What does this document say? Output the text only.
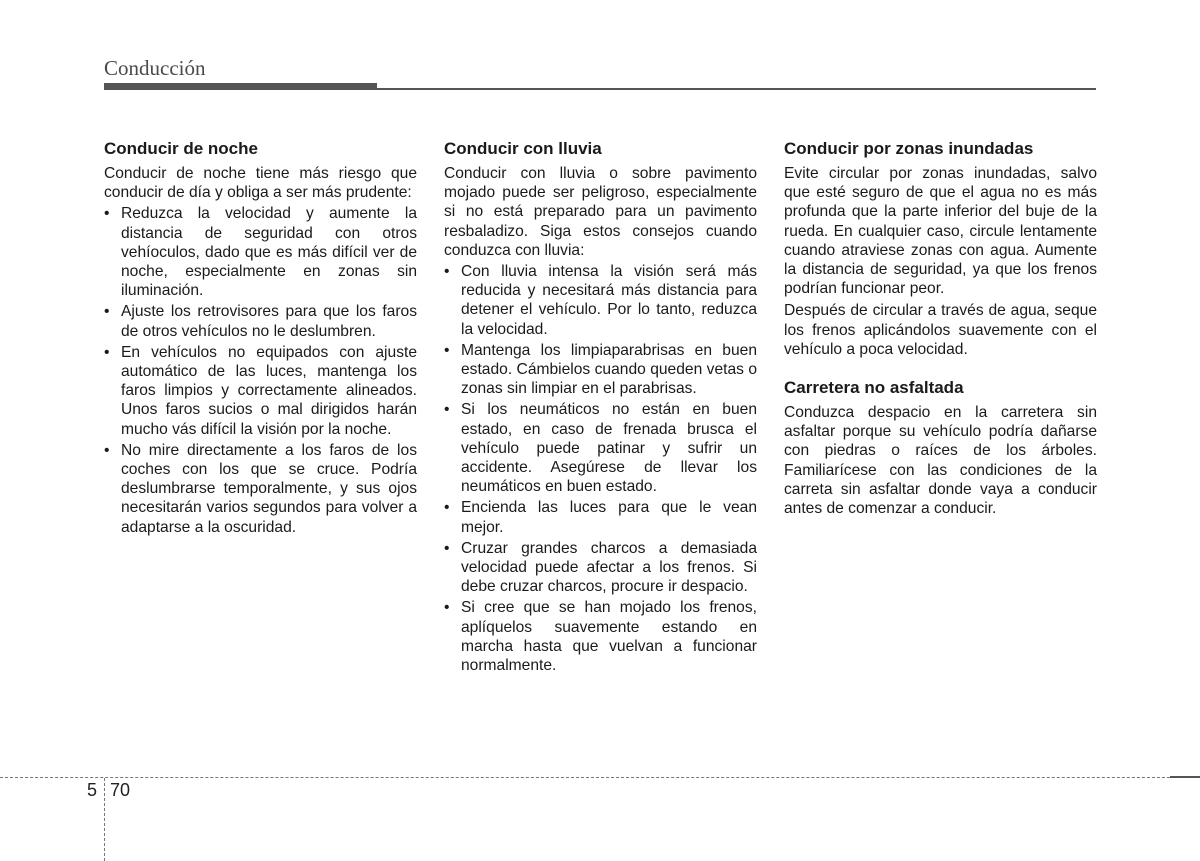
Conducción
Conducir de noche

Conducir de noche tiene más riesgo que conducir de día y obliga a ser más prudente:

• Reduzca la velocidad y aumente la distancia de seguridad con otros vehíoculos, dado que es más difícil ver de noche, especialmente en zonas sin iluminación.
• Ajuste los retrovisores para que los faros de otros vehículos no le deslumbren.
• En vehículos no equipados con ajuste automático de las luces, mantenga los faros limpios y correctamente alineados. Unos faros sucios o mal dirigidos harán mucho vás difícil la visión por la noche.
• No mire directamente a los faros de los coches con los que se cruce. Podría deslumbrarse temporalmente, y sus ojos necesitarán varios segundos para volver a adaptarse a la oscuridad.
Conducir con lluvia

Conducir con lluvia o sobre pavimento mojado puede ser peligroso, especialmente si no está preparado para un pavimento resbaladizo. Siga estos consejos cuando conduzca con lluvia:

• Con lluvia intensa la visión será más reducida y necesitará más distancia para detener el vehículo. Por lo tanto, reduzca la velocidad.
• Mantenga los limpiaparabrisas en buen estado. Cámbielos cuando queden vetas o zonas sin limpiar en el parabrisas.
• Si los neumáticos no están en buen estado, en caso de frenada brusca el vehículo puede patinar y sufrir un accidente. Asegúrese de llevar los neumáticos en buen estado.
• Encienda las luces para que le vean mejor.
• Cruzar grandes charcos a demasiada velocidad puede afectar a los frenos. Si debe cruzar charcos, procure ir despacio.
• Si cree que se han mojado los frenos, aplíquelos suavemente estando en marcha hasta que vuelvan a funcionar normalmente.
Conducir por zonas inundadas

Evite circular por zonas inundadas, salvo que esté seguro de que el agua no es más profunda que la parte inferior del buje de la rueda. En cualquier caso, circule lentamente cuando atraviese zonas con agua. Aumente la distancia de seguridad, ya que los frenos podrían funcionar peor.

Después de circular a través de agua, seque los frenos aplicándolos suavemente con el vehículo a poca velocidad.

Carretera no asfaltada

Conduzca despacio en la carretera sin asfaltar porque su vehículo podría dañarse con piedras o raíces de los árboles. Familiarícese con las condiciones de la carreta sin asfaltar donde vaya a conducir antes de comenzar a conducir.

5 70
